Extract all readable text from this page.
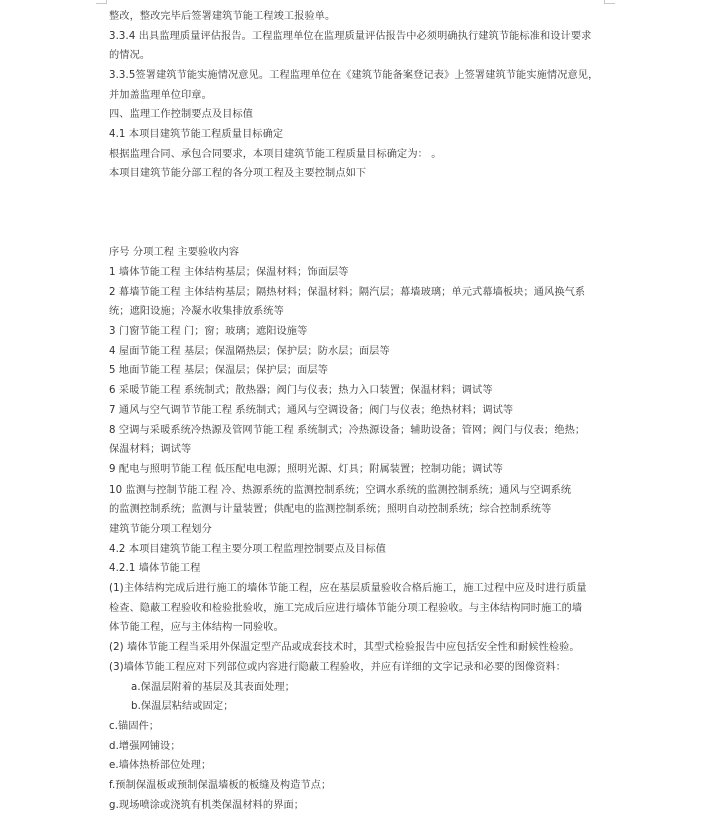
整改，整改完毕后签署建筑节能工程竣工报验单。
3.3.4 出具监理质量评估报告。工程监理单位在监理质量评估报告中必须明确执行建筑节能标准和设计要求
的情况。
3.3.5签署建筑节能实施情况意见。工程监理单位在《建筑节能备案登记表》上签署建筑节能实施情况意见，
并加盖监理单位印章。
四、监理工作控制要点及目标值
4.1 本项目建筑节能工程质量目标确定
根据监理合同、承包合同要求，本项目建筑节能工程质量目标确定为： 。
本项目建筑节能分部工程的各分项工程及主要控制点如下
序号 分项工程 主要验收内容
1 墙体节能工程 主体结构基层；保温材料；饰面层等
2 幕墙节能工程 主体结构基层；隔热材料；保温材料；隔汽层；幕墙玻璃；单元式幕墙板块；通风换气系
统；遮阳设施；冷凝水收集排放系统等
3 门窗节能工程 门；窗；玻璃；遮阳设施等
4 屋面节能工程 基层；保温隔热层；保护层；防水层；面层等
5 地面节能工程 基层；保温层；保护层；面层等
6 采暖节能工程 系统制式；散热器；阀门与仪表；热力入口装置；保温材料；调试等
7 通风与空气调节节能工程 系统制式；通风与空调设备；阀门与仪表；绝热材料；调试等
8 空调与采暖系统冷热源及管网节能工程 系统制式；冷热源设备；辅助设备；管网；阀门与仪表；绝热；
保温材料；调试等
9 配电与照明节能工程 低压配电电源；照明光源、灯具；附属装置；控制功能；调试等
10 监测与控制节能工程 冷、热源系统的监测控制系统；空调水系统的监测控制系统；通风与空调系统
的监测控制系统；监测与计量装置；供配电的监测控制系统；照明自动控制系统；综合控制系统等
建筑节能分项工程划分
4.2 本项目建筑节能工程主要分项工程监理控制要点及目标值
4.2.1 墙体节能工程
(1)主体结构完成后进行施工的墙体节能工程，应在基层质量验收合格后施工，施工过程中应及时进行质量
检查、隐蔽工程验收和检验批验收，施工完成后应进行墙体节能分项工程验收。与主体结构同时施工的墙
体节能工程，应与主体结构一同验收。
(2) 墙体节能工程当采用外保温定型产品或成套技术时，其型式检验报告中应包括安全性和耐候性检验。
(3)墙体节能工程应对下列部位或内容进行隐蔽工程验收，并应有详细的文字记录和必要的图像资料：
a.保温层附着的基层及其表面处理；
b.保温层粘结或固定；
c.锚固件；
d.增强网铺设；
e.墙体热桥部位处理；
f.预制保温板或预制保温墙板的板缝及构造节点；
g.现场喷涂或浇筑有机类保温材料的界面；
